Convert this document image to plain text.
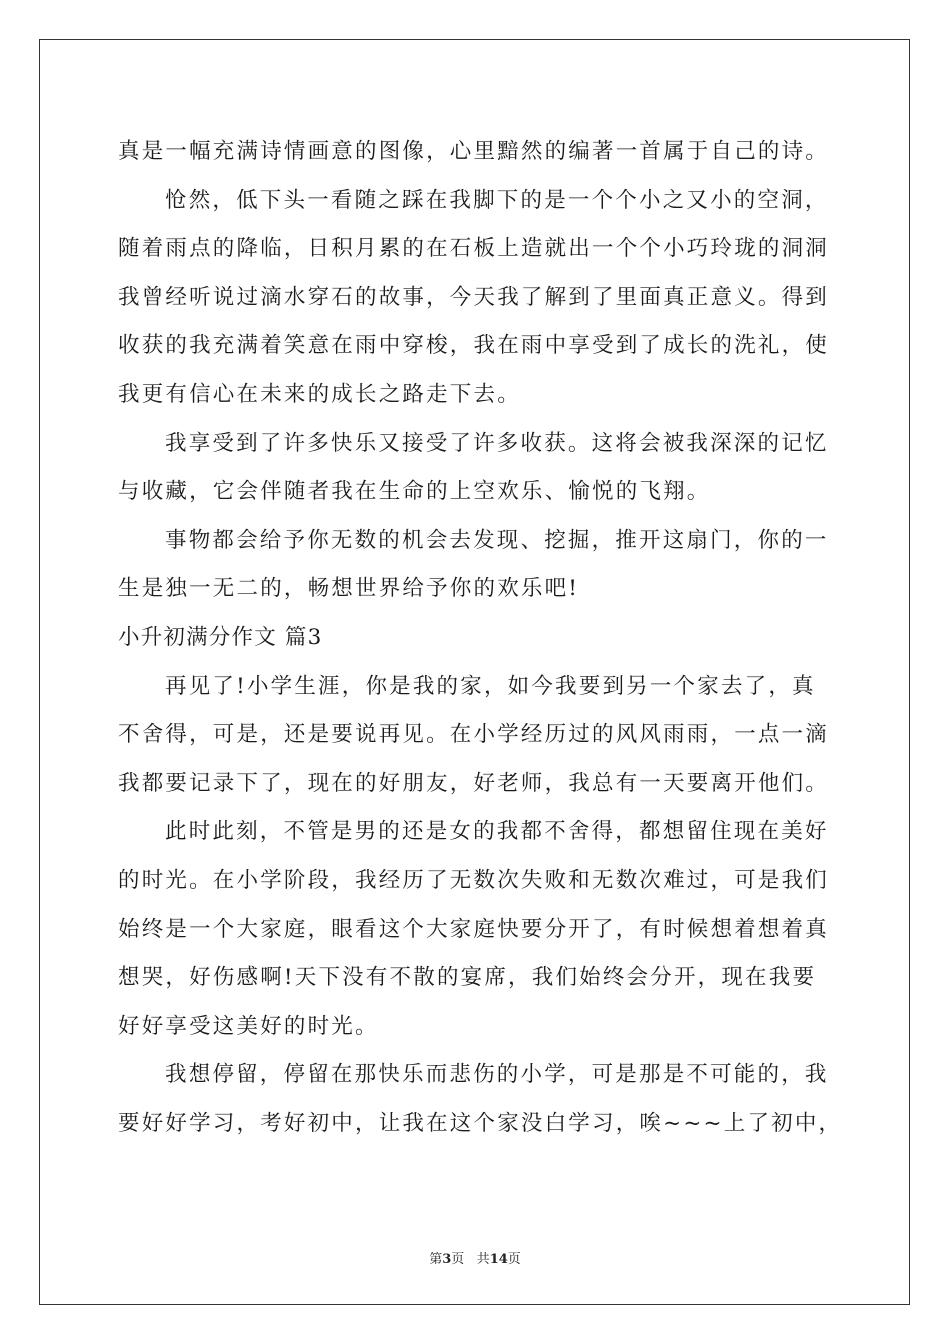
真是一幅充满诗情画意的图像，心里黯然的编著一首属于自己的诗。
怆然，低下头一看随之踩在我脚下的是一个个小之又小的空洞，
随着雨点的降临，日积月累的在石板上造就出一个个小巧玲珑的洞洞
我曾经听说过滴水穿石的故事，今天我了解到了里面真正意义。得到
收获的我充满着笑意在雨中穿梭，我在雨中享受到了成长的洗礼，使
我更有信心在未来的成长之路走下去。
我享受到了许多快乐又接受了许多收获。这将会被我深深的记忆
与收藏，它会伴随者我在生命的上空欢乐、愉悦的飞翔。
事物都会给予你无数的机会去发现、挖掘，推开这扇门，你的一
生是独一无二的，畅想世界给予你的欢乐吧!
小升初满分作文 篇3
再见了!小学生涯，你是我的家，如今我要到另一个家去了，真
不舍得，可是，还是要说再见。在小学经历过的风风雨雨，一点一滴
我都要记录下了，现在的好朋友，好老师，我总有一天要离开他们。
此时此刻，不管是男的还是女的我都不舍得，都想留住现在美好
的时光。在小学阶段，我经历了无数次失败和无数次难过，可是我们
始终是一个大家庭，眼看这个大家庭快要分开了，有时候想着想着真
想哭，好伤感啊!天下没有不散的宴席，我们始终会分开，现在我要
好好享受这美好的时光。
我想停留，停留在那快乐而悲伤的小学，可是那是不可能的，我
要好好学习，考好初中，让我在这个家没白学习，唉~~~上了初中，
第3页 共14页
